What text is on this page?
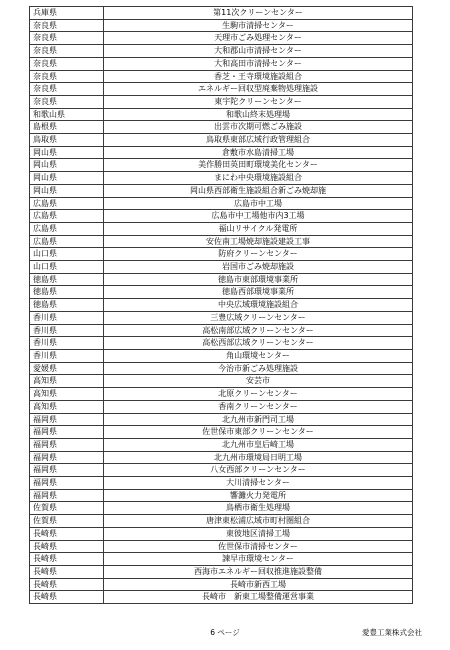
兵庫県	第11次クリーンセンター
奈良県	生駒市清掃センター
奈良県	天理市ごみ処理センター
奈良県	大和郡山市清掃センター
奈良県	大和高田市清掃センター
奈良県	香芝・王寺環境施設組合
奈良県	エネルギー回収型廃棄物処理施設
奈良県	東宇陀クリーンセンター
和歌山県	和歌山終末処理場
島根県	出雲市次期可燃ごみ施設
鳥取県	鳥取県東部広域行政管理組合
岡山県	倉敷市水島清掃工場
岡山県	美作勝田英田町環境美化センター
岡山県	まにわ中央環境施設組合
岡山県	岡山県西部衛生施設組合新ごみ焼却施
広島県	広島市中工場
広島県	広島市中工場他市内3工場
広島県	福山リサイクル発電所
広島県	安佐南工場焼却施設建設工事
山口県	防府クリーンセンター
山口県	岩国市ごみ焼却施設
徳島県	徳島市東部環境事業所
徳島県	徳島西部環境事業所
徳島県	中央広域環境施設組合
香川県	三豊広域クリーンセンター
香川県	高松南部広域クリーンセンター
香川県	高松西部広域クリーンセンター
香川県	角山環境センター
愛媛県	今治市新ごみ処理施設
高知県	安芸市
高知県	北原クリーンセンター
高知県	香南クリーンセンター
福岡県	北九州市新門司工場
福岡県	佐世保市東部クリーンセンター
福岡県	北九州市皇后崎工場
福岡県	北九州市環境局日明工場
福岡県	八女西部クリーンセンター
福岡県	大川清掃センター
福岡県	響灘火力発電所
佐賀県	鳥栖市衛生処理場
佐賀県	唐津東松浦広域市町村圏組合
長崎県	東彼地区清掃工場
長崎県	佐世保市清掃センター
長崎県	諫早市環境センター
長崎県	西海市エネルギー回収推進施設整備
長崎県	長崎市新西工場
長崎県	長崎市　新東工場整備運営事業
6 ページ	愛豊工業株式会社
